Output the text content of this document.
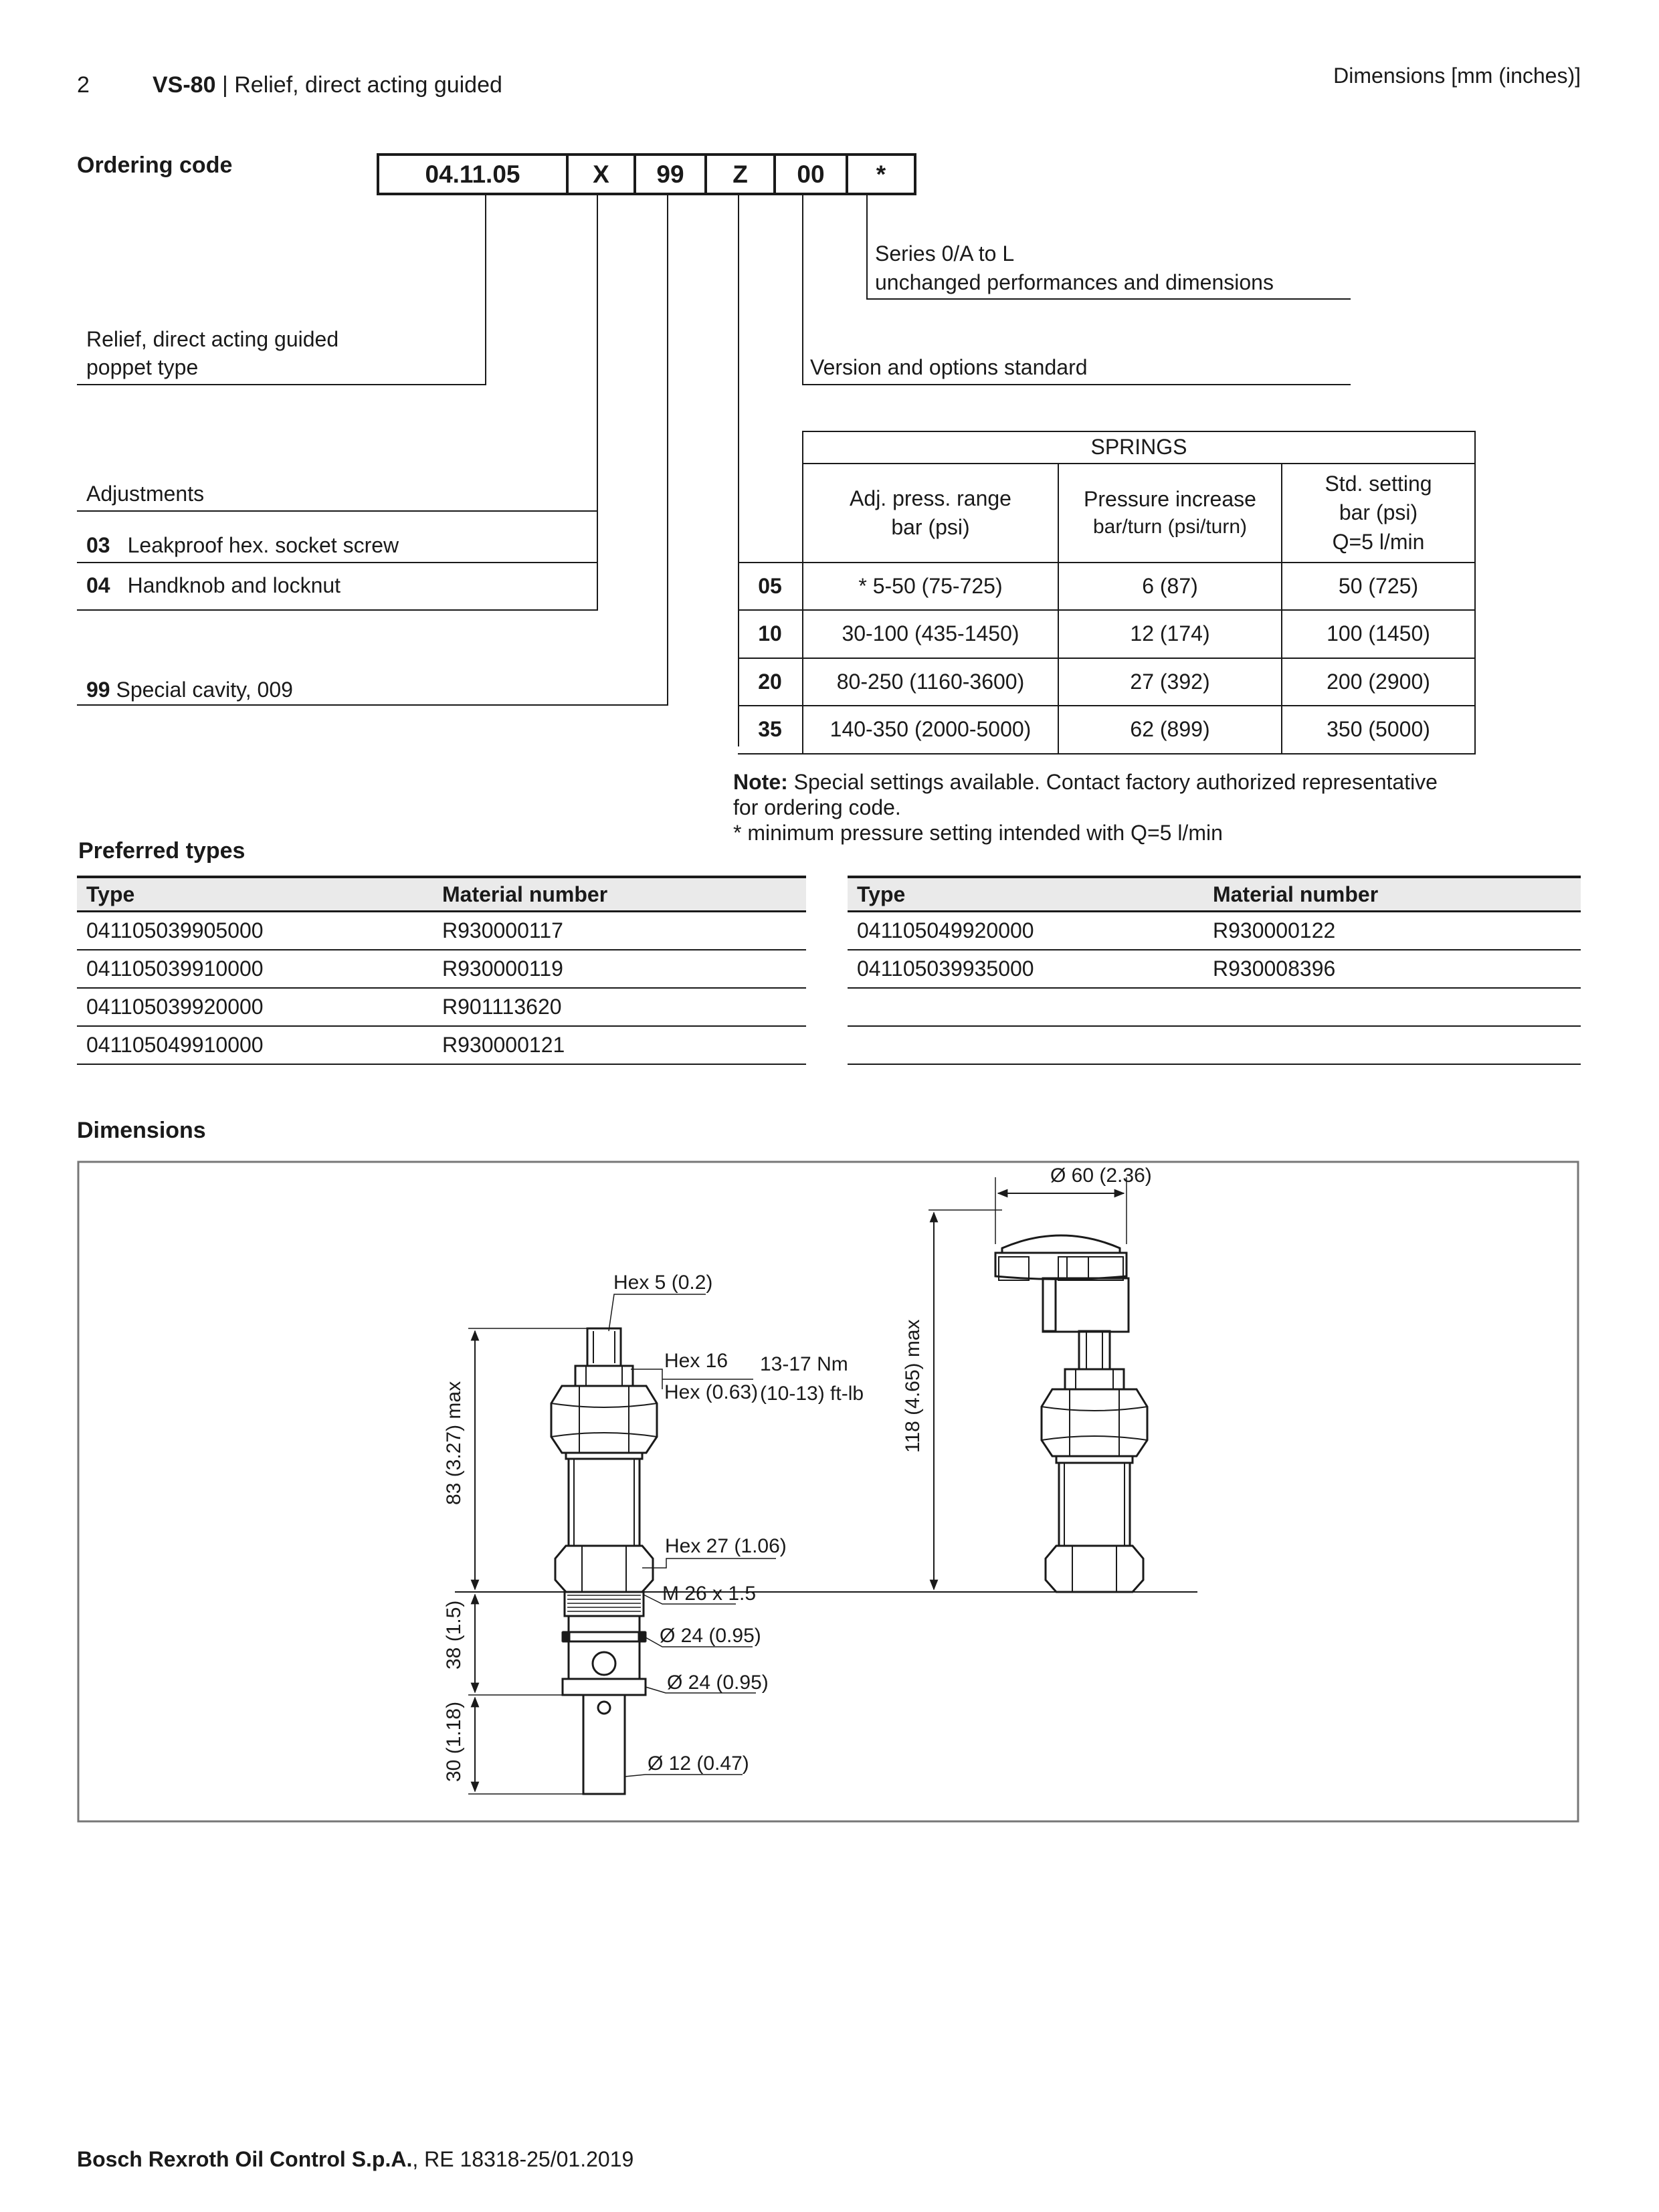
2	VS-80 | Relief, direct acting guided	Dimensions [mm (inches)]
Ordering code	04.11.05	X	99	Z	00	*
Series 0/A to L
unchanged performances and dimensions
Relief, direct acting guided
poppet type	Version and options standard
Adjustments
03 Leakproof hex. socket screw
04 Handknob and locknut
99 Special cavity, 009
SPRINGS
Adj. press. range
bar (psi)
Pressure increase
bar/turn (psi/turn)
Std. setting
bar (psi)
Q=5 l/min
05	* 5-50 (75-725)	6 (87)	50 (725)
10	30-100 (435-1450)	12 (174)	100 (1450)
20	80-250 (1160-3600)	27 (392)	200 (2900)
35	140-350 (2000-5000)	62 (899)	350 (5000)
Note: Special settings available. Contact factory authorized representative
for ordering code.
* minimum pressure setting intended with Q=5 l/min
Preferred types
Type	Material number
041105039905000	R930000117
041105039910000	R930000119
041105039920000	R901113620
041105049910000	R930000121
Type	Material number
041105049920000	R930000122
041105039935000	R930008396
Dimensions
Hex 5 (0.2)
Hex 16
Hex (0.63)
13-17 Nm
(10-13) ft-lb
Hex 27 (1.06)
M 26 x 1.5
Ø 24 (0.95)
Ø 24 (0.95)
Ø 12 (0.47)
Ø 60 (2.36)
83 (3.27) max
38 (1.5)
30 (1.18)
118 (4.65) max
Bosch Rexroth Oil Control S.p.A., RE 18318-25/01.2019
